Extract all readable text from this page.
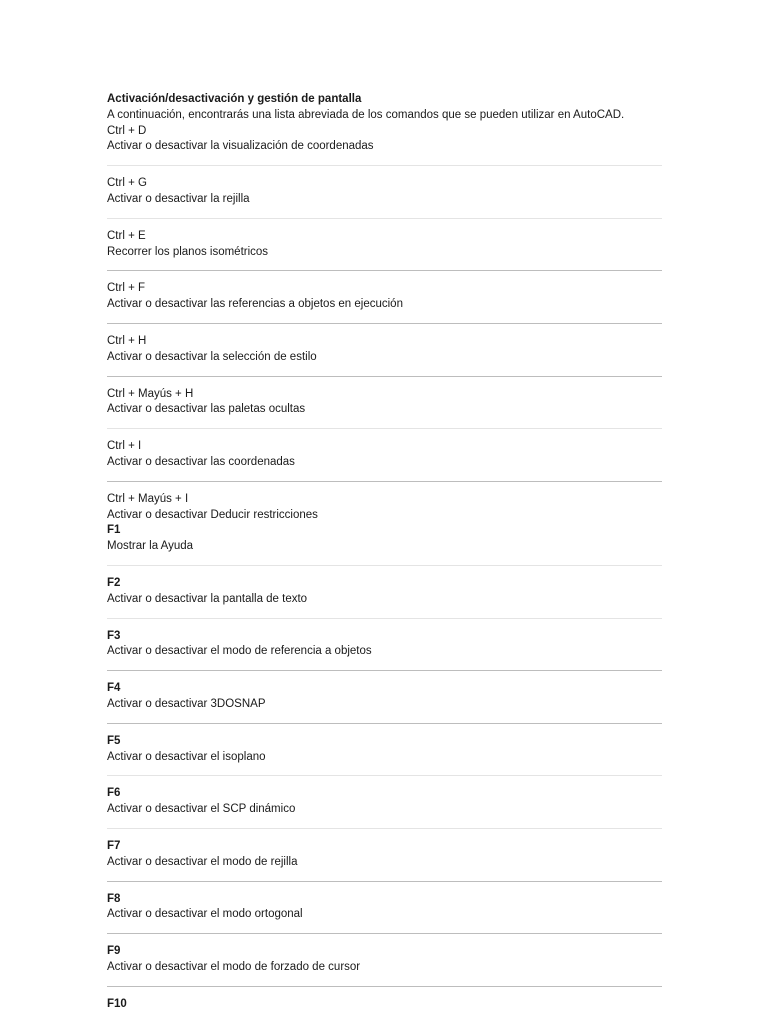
Activación/desactivación y gestión de pantalla
A continuación, encontrarás una lista abreviada de los comandos que se pueden utilizar en AutoCAD.
Ctrl + D
Activar o desactivar la visualización de coordenadas
Ctrl + G
Activar o desactivar la rejilla
Ctrl + E
Recorrer los planos isométricos
Ctrl + F
Activar o desactivar las referencias a objetos en ejecución
Ctrl + H
Activar o desactivar la selección de estilo
Ctrl + Mayús + H
Activar o desactivar las paletas ocultas
Ctrl + I
Activar o desactivar las coordenadas
Ctrl + Mayús + I
Activar o desactivar Deducir restricciones
F1
Mostrar la Ayuda
F2
Activar o desactivar la pantalla de texto
F3
Activar o desactivar el modo de referencia a objetos
F4
Activar o desactivar 3DOSNAP
F5
Activar o desactivar el isoplano
F6
Activar o desactivar el SCP dinámico
F7
Activar o desactivar el modo de rejilla
F8
Activar o desactivar el modo ortogonal
F9
Activar o desactivar el modo de forzado de cursor
F10
